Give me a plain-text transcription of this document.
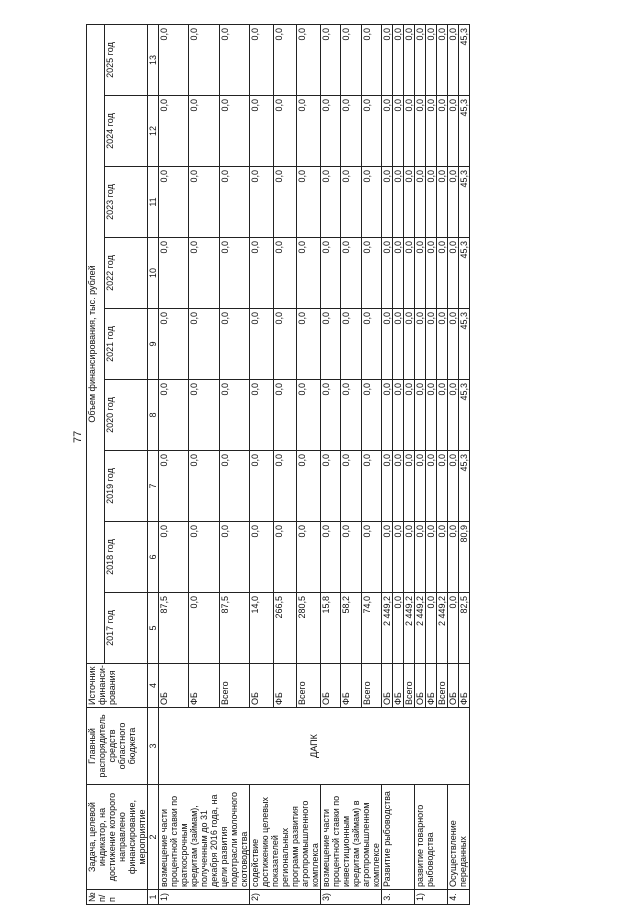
77
№ п/п	Задача, целевой индикатор, на достижение которого направлено финансирование, мероприятие	Главный распорядитель средств областного бюджета	Источник финанси-рования	Объем финансирования, тыс. рублей								
				2017 год	2018 год	2019 год	2020 год	2021 год	2022 год	2023 год	2024 год	2025 год
1	2	3	4	5	6	7	8	9	10	11	12	13
1)	возмещение части процентной ставки по краткосрочным кредитам (займам), полученным до 31 декабря 2016 года, на цели развития подотрасли молочного скотоводства	ДАПК	ОБ	87,5	0,0	0,0	0,0	0,0	0,0	0,0	0,0	0,0
			ФБ	0,0	0,0	0,0	0,0	0,0	0,0	0,0	0,0	0,0
			Всего	87,5	0,0	0,0	0,0	0,0	0,0	0,0	0,0	0,0
2)	содействие достижению целевых показателей региональных программ развития агропромышленного комплекса		ОБ	14,0	0,0	0,0	0,0	0,0	0,0	0,0	0,0	0,0
			ФБ	266,5	0,0	0,0	0,0	0,0	0,0	0,0	0,0	0,0
			Всего	280,5	0,0	0,0	0,0	0,0	0,0	0,0	0,0	0,0
3)	возмещение части процентной ставки по инвестиционным кредитам (займам) в агропромышленном комплексе		ОБ	15,8	0,0	0,0	0,0	0,0	0,0	0,0	0,0	0,0
			ФБ	58,2	0,0	0,0	0,0	0,0	0,0	0,0	0,0	0,0
			Всего	74,0	0,0	0,0	0,0	0,0	0,0	0,0	0,0	0,0
3.	Развитие рыбоводства		ОБ	2 449,2	0,0	0,0	0,0	0,0	0,0	0,0	0,0	0,0
			ФБ	0,0	0,0	0,0	0,0	0,0	0,0	0,0	0,0	0,0
			Всего	2 449,2	0,0	0,0	0,0	0,0	0,0	0,0	0,0	0,0
1)	развитие товарного рыбоводства		ОБ	2 449,2	0,0	0,0	0,0	0,0	0,0	0,0	0,0	0,0
			ФБ	0,0	0,0	0,0	0,0	0,0	0,0	0,0	0,0	0,0
			Всего	2 449,2	0,0	0,0	0,0	0,0	0,0	0,0	0,0	0,0
4.	Осуществление переданных		ОБ	0,0	0,0	0,0	0,0	0,0	0,0	0,0	0,0	0,0
			ФБ	82,5	80,9	45,3	45,3	45,3	45,3	45,3	45,3	45,3
